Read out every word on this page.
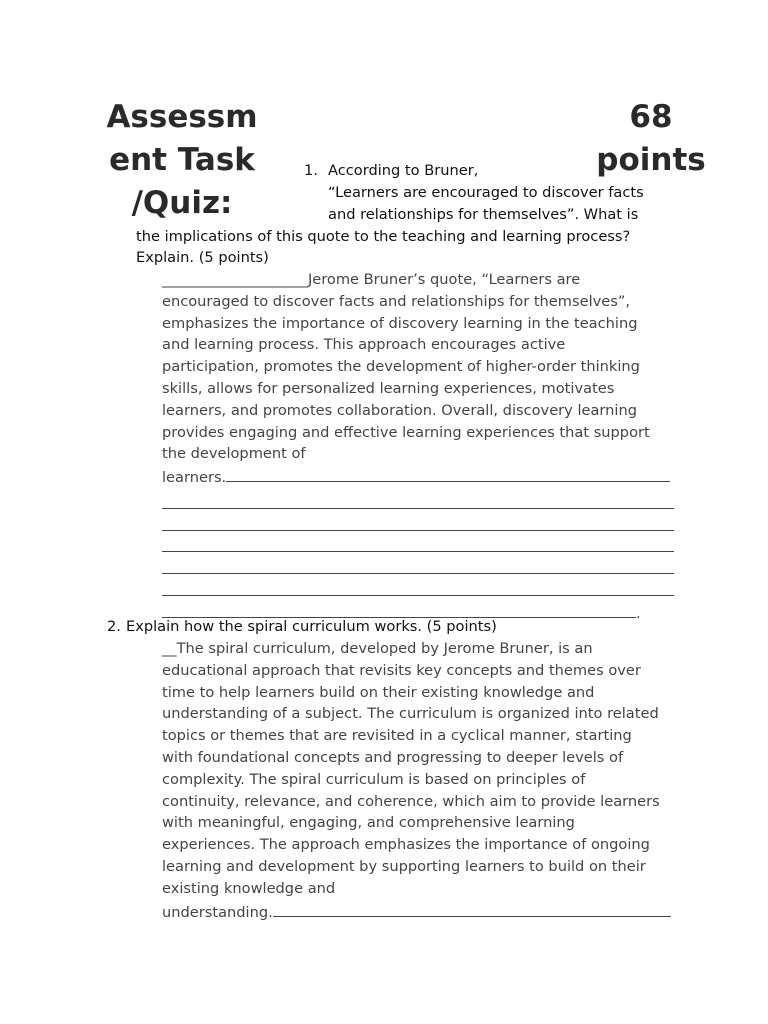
Assessm
ent Task
/Quiz:
68
points
1. According to Bruner,
“Learners are encouraged to discover facts
and relationships for themselves”. What is
the implications of this quote to the teaching and learning process?
Explain. (5 points)
____________________Jerome Bruner’s quote, “Learners are
encouraged to discover facts and relationships for themselves”,
emphasizes the importance of discovery learning in the teaching
and learning process. This approach encourages active
participation, promotes the development of higher-order thinking
skills, allows for personalized learning experiences, motivates
learners, and promotes collaboration. Overall, discovery learning
provides engaging and effective learning experiences that support
the development of
learners.
.
2. Explain how the spiral curriculum works. (5 points)
__The spiral curriculum, developed by Jerome Bruner, is an
educational approach that revisits key concepts and themes over
time to help learners build on their existing knowledge and
understanding of a subject. The curriculum is organized into related
topics or themes that are revisited in a cyclical manner, starting
with foundational concepts and progressing to deeper levels of
complexity. The spiral curriculum is based on principles of
continuity, relevance, and coherence, which aim to provide learners
with meaningful, engaging, and comprehensive learning
experiences. The approach emphasizes the importance of ongoing
learning and development by supporting learners to build on their
existing knowledge and
understanding.
